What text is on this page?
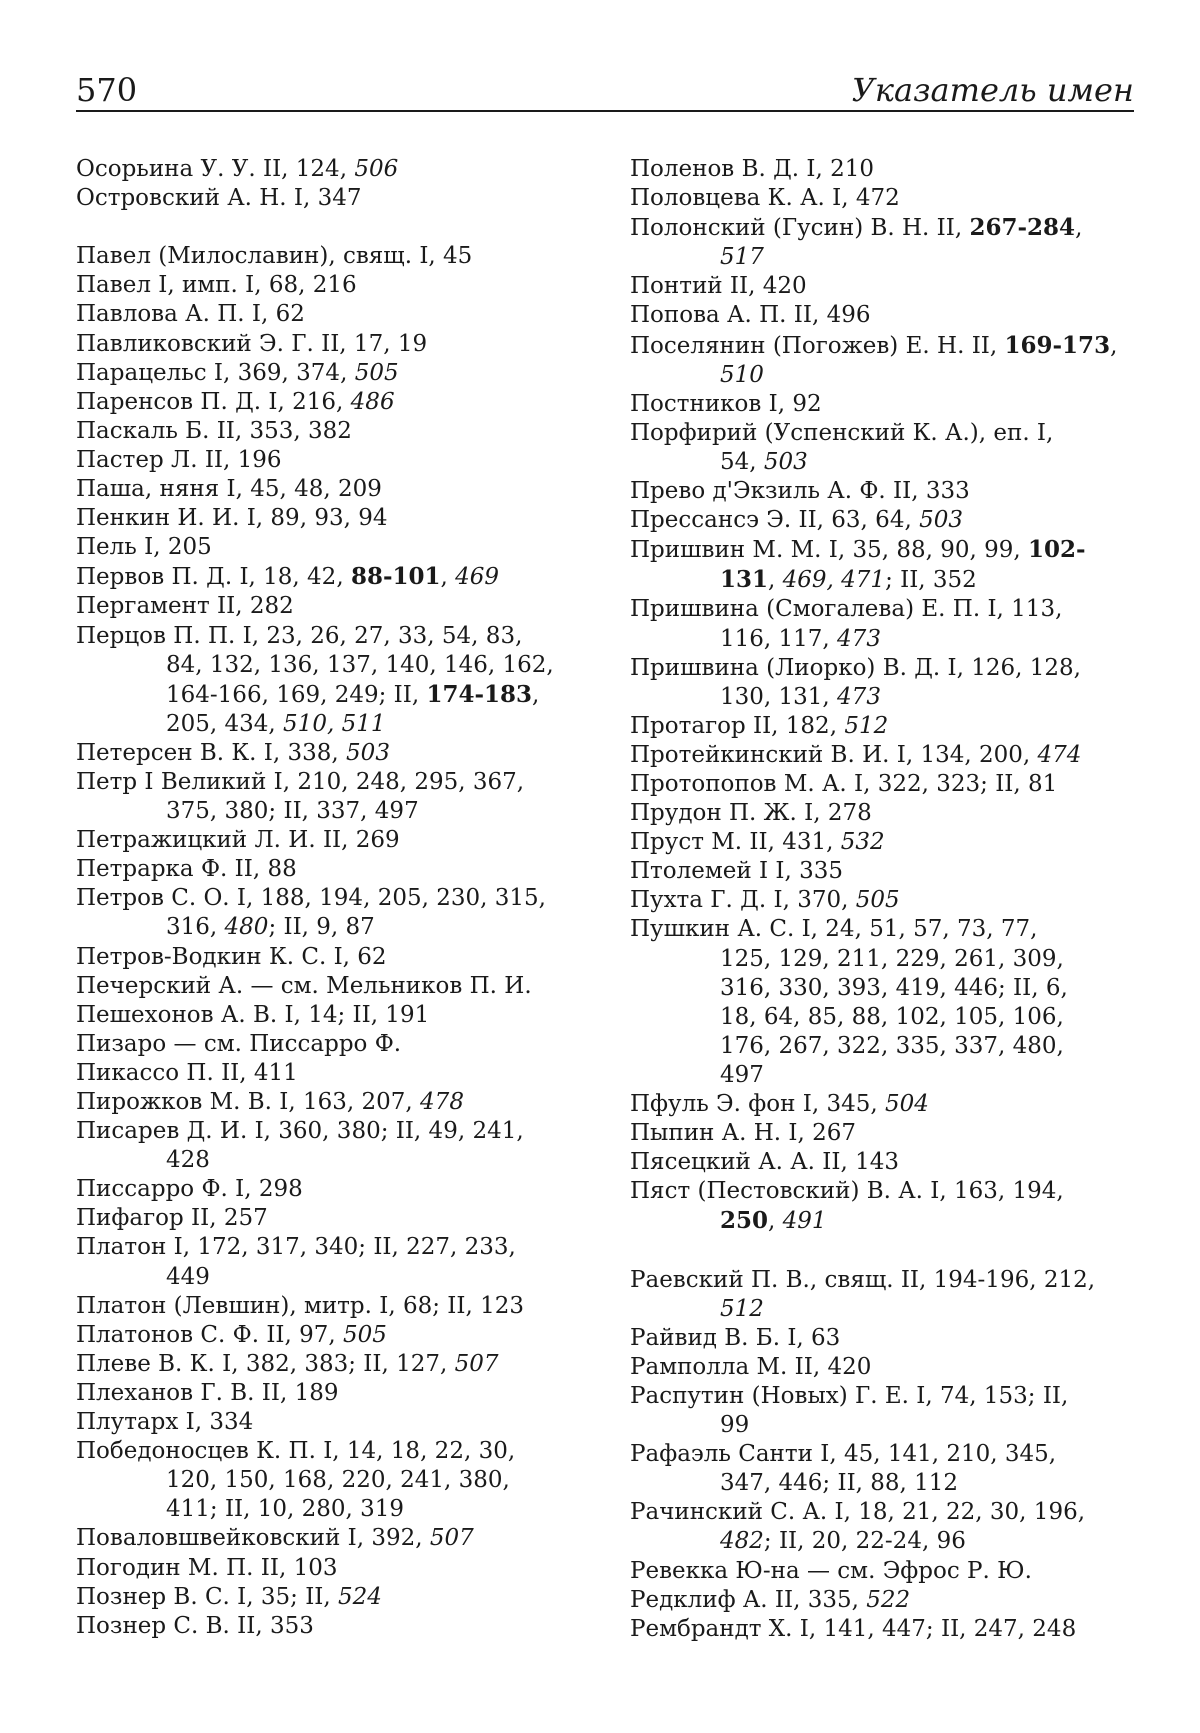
570	Указатель имен
Осорьина У. У. II, 124, 506
Островский А. Н. I, 347
Павел (Милославин), свящ. I, 45
Павел I, имп. I, 68, 216
Павлова А. П. I, 62
Павликовский Э. Г. II, 17, 19
Парацельс I, 369, 374, 505
Паренсов П. Д. I, 216, 486
Паскаль Б. II, 353, 382
Пастер Л. II, 196
Паша, няня I, 45, 48, 209
Пенкин И. И. I, 89, 93, 94
Пель I, 205
Первов П. Д. I, 18, 42, 88-101, 469
Пергамент II, 282
Перцов П. П. I, 23, 26, 27, 33, 54, 83,
84, 132, 136, 137, 140, 146, 162,
164-166, 169, 249; II, 174-183,
205, 434, 510, 511
Петерсен В. К. I, 338, 503
Петр I Великий I, 210, 248, 295, 367,
375, 380; II, 337, 497
Петражицкий Л. И. II, 269
Петрарка Ф. II, 88
Петров С. О. I, 188, 194, 205, 230, 315,
316, 480; II, 9, 87
Петров-Водкин К. С. I, 62
Печерский А. — см. Мельников П. И.
Пешехонов А. В. I, 14; II, 191
Пизаро — см. Писсарро Ф.
Пикассо П. II, 411
Пирожков М. В. I, 163, 207, 478
Писарев Д. И. I, 360, 380; II, 49, 241,
428
Писсарро Ф. I, 298
Пифагор II, 257
Платон I, 172, 317, 340; II, 227, 233,
449
Платон (Левшин), митр. I, 68; II, 123
Платонов С. Ф. II, 97, 505
Плеве В. К. I, 382, 383; II, 127, 507
Плеханов Г. В. II, 189
Плутарх I, 334
Победоносцев К. П. I, 14, 18, 22, 30,
120, 150, 168, 220, 241, 380,
411; II, 10, 280, 319
Поваловшвейковский I, 392, 507
Погодин М. П. II, 103
Познер В. С. I, 35; II, 524
Познер С. В. II, 353
Поленов В. Д. I, 210
Половцева К. А. I, 472
Полонский (Гусин) В. Н. II, 267-284,
517
Понтий II, 420
Попова А. П. II, 496
Поселянин (Погожев) Е. Н. II, 169-173,
510
Постников I, 92
Порфирий (Успенский К. А.), еп. I,
54, 503
Прево д'Экзиль А. Ф. II, 333
Прессансэ Э. II, 63, 64, 503
Пришвин М. М. I, 35, 88, 90, 99, 102-
131, 469, 471; II, 352
Пришвина (Смогалева) Е. П. I, 113,
116, 117, 473
Пришвина (Лиорко) В. Д. I, 126, 128,
130, 131, 473
Протагор II, 182, 512
Протейкинский В. И. I, 134, 200, 474
Протопопов М. А. I, 322, 323; II, 81
Прудон П. Ж. I, 278
Пруст М. II, 431, 532
Птолемей I I, 335
Пухта Г. Д. I, 370, 505
Пушкин А. С. I, 24, 51, 57, 73, 77,
125, 129, 211, 229, 261, 309,
316, 330, 393, 419, 446; II, 6,
18, 64, 85, 88, 102, 105, 106,
176, 267, 322, 335, 337, 480,
497
Пфуль Э. фон I, 345, 504
Пыпин А. Н. I, 267
Пясецкий А. А. II, 143
Пяст (Пестовский) В. А. I, 163, 194,
250, 491
Раевский П. В., свящ. II, 194-196, 212,
512
Райвид В. Б. I, 63
Рамполла М. II, 420
Распутин (Новых) Г. Е. I, 74, 153; II,
99
Рафаэль Санти I, 45, 141, 210, 345,
347, 446; II, 88, 112
Рачинский С. А. I, 18, 21, 22, 30, 196,
482; II, 20, 22-24, 96
Ревекка Ю-на — см. Эфрос Р. Ю.
Редклиф А. II, 335, 522
Рембрандт Х. I, 141, 447; II, 247, 248
